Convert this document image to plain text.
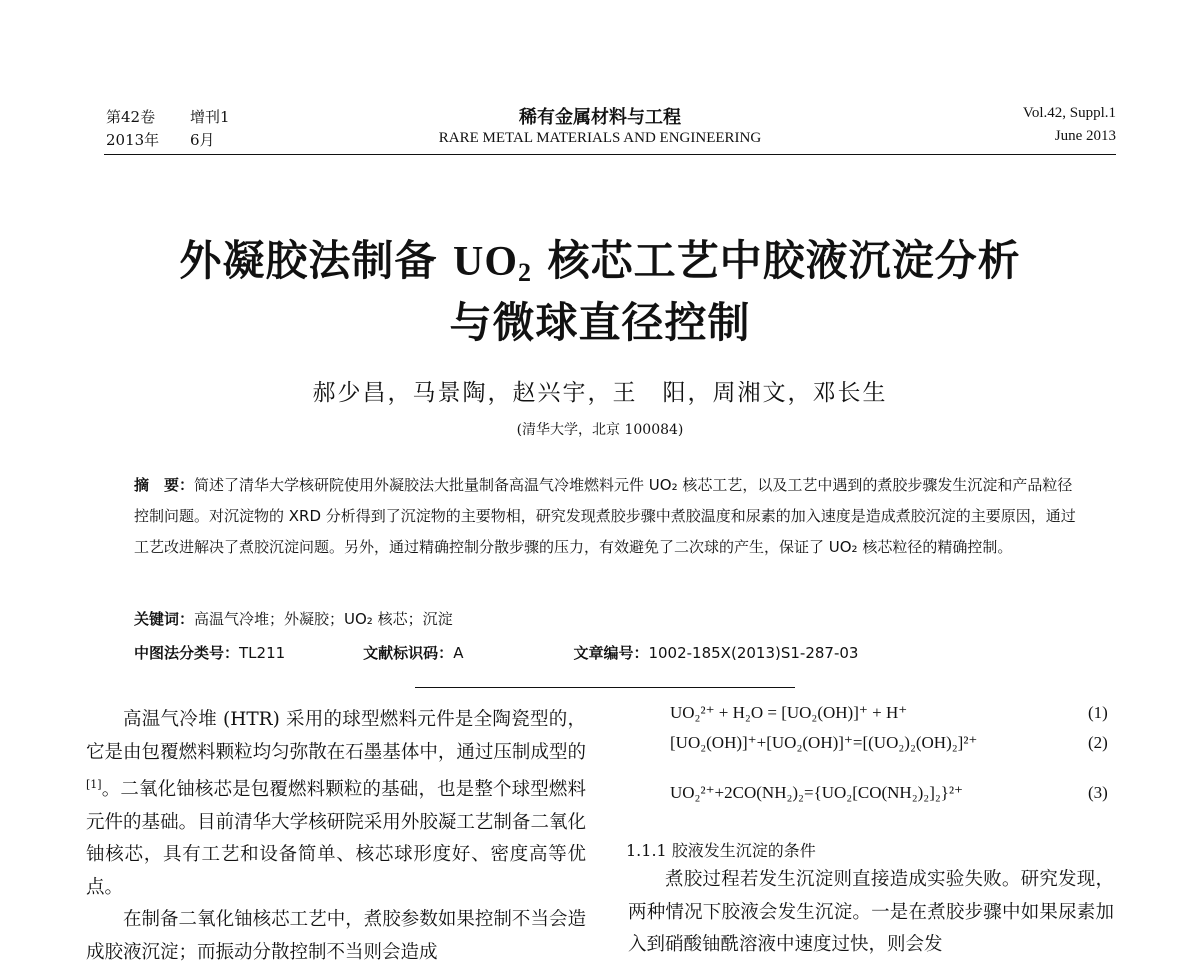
第42卷	增刊1
2013年 6月
稀有金属材料与工程
RARE METAL MATERIALS AND ENGINEERING
Vol.42, Suppl.1
June 2013
外凝胶法制备 $UO_2$ 核芯工艺中胶液沉淀分析
与微球直径控制
郝少昌，马景陶，赵兴宇，王　阳，周湘文，邓长生
(清华大学，北京 100084)

摘　要：简述了清华大学核研院使用外凝胶法大批量制备高温气冷堆燃料元件 UO₂ 核芯工艺，以及工艺中遇到的煮胶步骤发生沉淀和产品粒径控制问题。对沉淀物的 XRD 分析得到了沉淀物的主要物相，研究发现煮胶步骤中煮胶温度和尿素的加入速度是造成煮胶沉淀的主要原因，通过工艺改进解决了煮胶沉淀问题。另外，通过精确控制分散步骤的压力，有效避免了二次球的产生，保证了 UO₂ 核芯粒径的精确控制。

关键词：高温气冷堆；外凝胶；UO₂ 核芯；沉淀
中图法分类号：TL211	文献标识码：A	文章编号：1002-185X(2013)S1-287-03

高温气冷堆 (HTR) 采用的球型燃料元件是全陶瓷型的，它是由包覆燃料颗粒均匀弥散在石墨基体中，通过压制成型的[1]。二氧化铀核芯是包覆燃料颗粒的基础，也是整个球型燃料元件的基础。目前清华大学核研院采用外胶凝工艺制备二氧化铀核芯，具有工艺和设备简单、核芯球形度好、密度高等优点。

在制备二氧化铀核芯工艺中，煮胶参数如果控制不当会造成胶液沉淀；而振动分散控制不当则会造成

UO₂²⁺ + H₂O = [UO₂(OH)]⁺ + H⁺	(1)
[UO₂(OH)]⁺+[UO₂(OH)]⁺=[(UO₂)₂(OH)₂]²⁺	(2)
UO₂²⁺+2CO(NH₂)₂={UO₂[CO(NH₂)₂]₂}²⁺	(3)
1.1.1 胶液发生沉淀的条件

煮胶过程若发生沉淀则直接造成实验失败。研究发现，两种情况下胶液会发生沉淀。一是在煮胶步骤中如果尿素加入到硝酸铀酰溶液中速度过快，则会发
